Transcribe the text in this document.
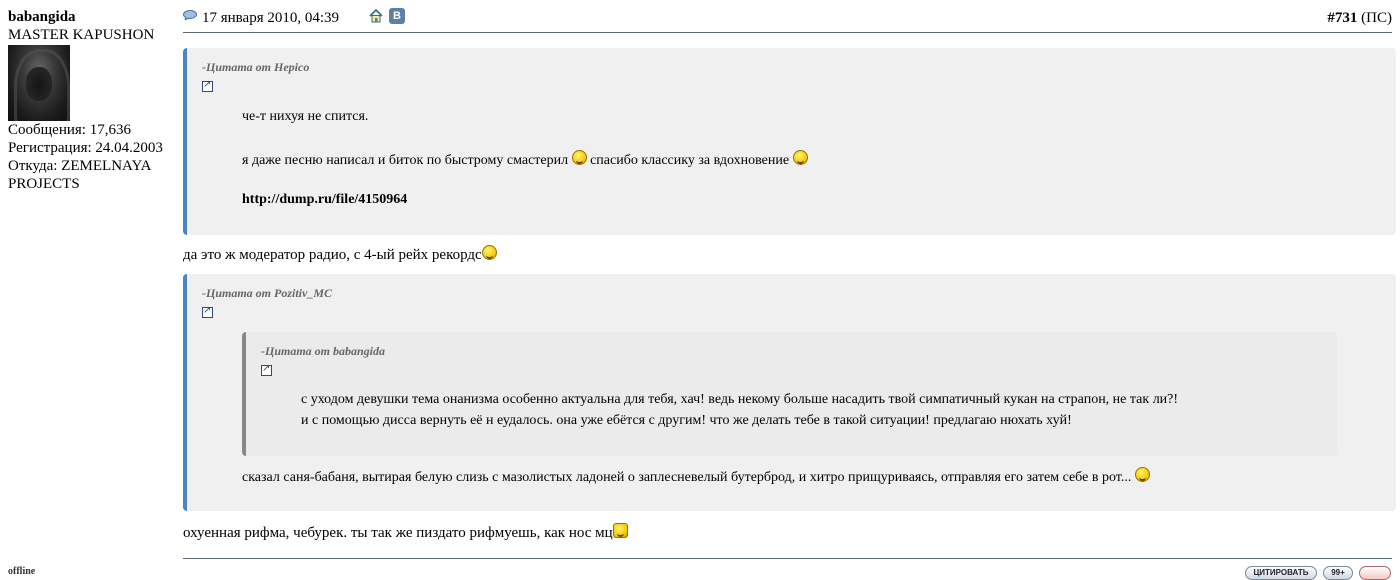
babangida
MASTER KAPUSHON
Сообщения: 17,636
Регистрация: 24.04.2003
Откуда: ZEMELNAYA
PROJECTS
offline
17 января 2010, 04:39	В	#731 (ПС)
-Цитата от Hepico
↗
че-т нихуя не спится.
я даже песню написал и биток по быстрому смастерил спасибо классику за вдохновение
http://dump.ru/file/4150964
да это ж модератор радио, с 4-ый рейх рекордс
-Цитата от Pozitiv_MC
↗
-Цитата от babangida
↗
с уходом девушки тема онанизма особенно актуальна для тебя, хач! ведь некому больше насадить твой симпатичный кукан на страпон, не так ли?!
и с помощью дисса вернуть её н еудалось. она уже ебётся с другим! что же делать тебе в такой ситуации! предлагаю нюхать хуй!
сказал саня-бабаня, вытирая белую слизь с мазолистых ладоней о заплесневелый бутерброд, и хитро прищуриваясь, отправляя его затем себе в рот...
охуенная рифма, чебурек. ты так же пиздато рифмуешь, как нос мц
ЦИТИРОВАТЬ	99+
